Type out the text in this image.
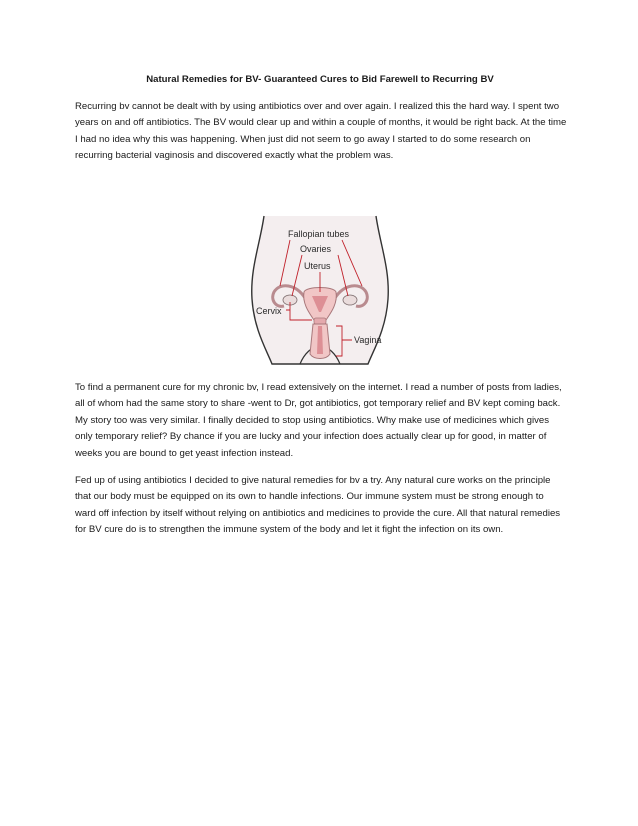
Natural Remedies for BV- Guaranteed Cures to Bid Farewell to Recurring BV

Recurring bv cannot be dealt with by using antibiotics over and over again. I realized this the hard way. I spent two years on and off antibiotics. The BV would clear up and within a couple of months, it would be right back. At the time I had no idea why this was happening. When just did not seem to go away I started to do some research on recurring bacterial vaginosis and discovered exactly what the problem was.

Fallopian tubes
Ovaries
Uterus
Cervix
Vagina

To find a permanent cure for my chronic bv, I read extensively on the internet. I read a number of posts from ladies, all of whom had the same story to share -went to Dr, got antibiotics, got temporary relief and BV kept coming back. My story too was very similar. I finally decided to stop using antibiotics. Why make use of medicines which gives only temporary relief? By chance if you are lucky and your infection does actually clear up for good, in matter of weeks you are bound to get yeast infection instead.

Fed up of using antibiotics I decided to give natural remedies for bv a try. Any natural cure works on the principle that our body must be equipped on its own to handle infections. Our immune system must be strong enough to ward off infection by itself without relying on antibiotics and medicines to provide the cure. All that natural remedies for BV cure do is to strengthen the immune system of the body and let it fight the infection on its own.
